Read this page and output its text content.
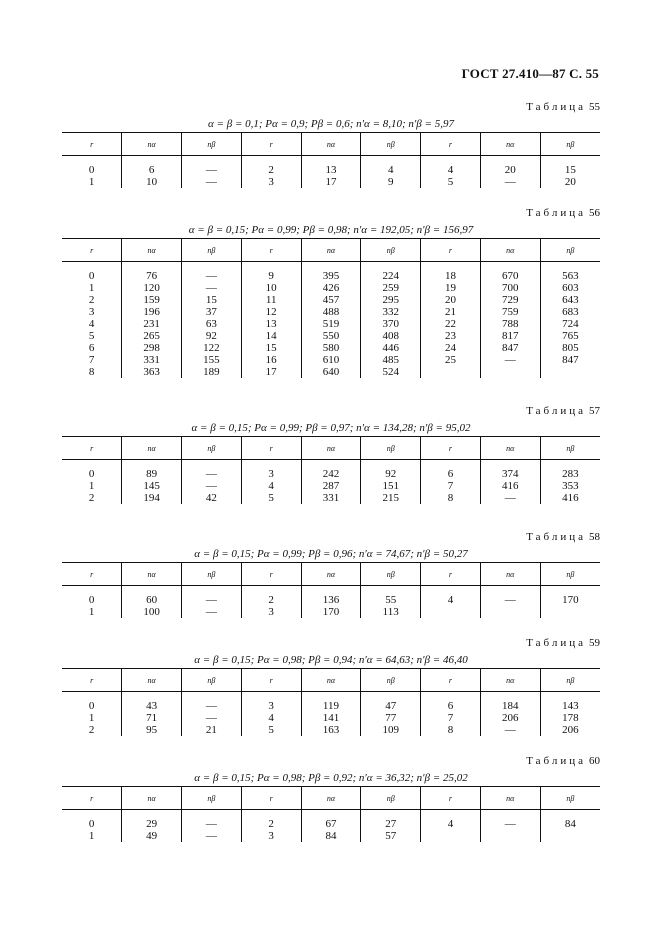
ГОСТ 27.410—87 С. 55
Таблица 55
α = β = 0,1; Pα = 0,9; Pβ = 0,6; n′α = 8,10; n′β = 5,97
r	nα	nβ	r	nα	nβ	r	nα	nβ

0	6	—	2	13	4	4	20	15
1	10	—	3	17	9	5	—	20
Таблица 56
α = β = 0,15; Pα = 0,99; Pβ = 0,98; n′α = 192,05; n′β = 156,97
r	nα	nβ	r	nα	nβ	r	nα	nβ

0	76	—	9	395	224	18	670	563
1	120	—	10	426	259	19	700	603
2	159	15	11	457	295	20	729	643
3	196	37	12	488	332	21	759	683
4	231	63	13	519	370	22	788	724
5	265	92	14	550	408	23	817	765
6	298	122	15	580	446	24	847	805
7	331	155	16	610	485	25	—	847
8	363	189	17	640	524			
Таблица 57
α = β = 0,15; Pα = 0,99; Pβ = 0,97; n′α = 134,28; n′β = 95,02
r	nα	nβ	r	nα	nβ	r	nα	nβ

0	89	—	3	242	92	6	374	283
1	145	—	4	287	151	7	416	353
2	194	42	5	331	215	8	—	416
Таблица 58
α = β = 0,15; Pα = 0,99; Pβ = 0,96; n′α = 74,67; n′β = 50,27
r	nα	nβ	r	nα	nβ	r	nα	nβ

0	60	—	2	136	55	4	—	170
1	100	—	3	170	113			
Таблица 59
α = β = 0,15; Pα = 0,98; Pβ = 0,94; n′α = 64,63; n′β = 46,40
r	nα	nβ	r	nα	nβ	r	nα	nβ

0	43	—	3	119	47	6	184	143
1	71	—	4	141	77	7	206	178
2	95	21	5	163	109	8	—	206
Таблица 60
α = β = 0,15; Pα = 0,98; Pβ = 0,92; n′α = 36,32; n′β = 25,02
r	nα	nβ	r	nα	nβ	r	nα	nβ

0	29	—	2	67	27	4	—	84
1	49	—	3	84	57			
